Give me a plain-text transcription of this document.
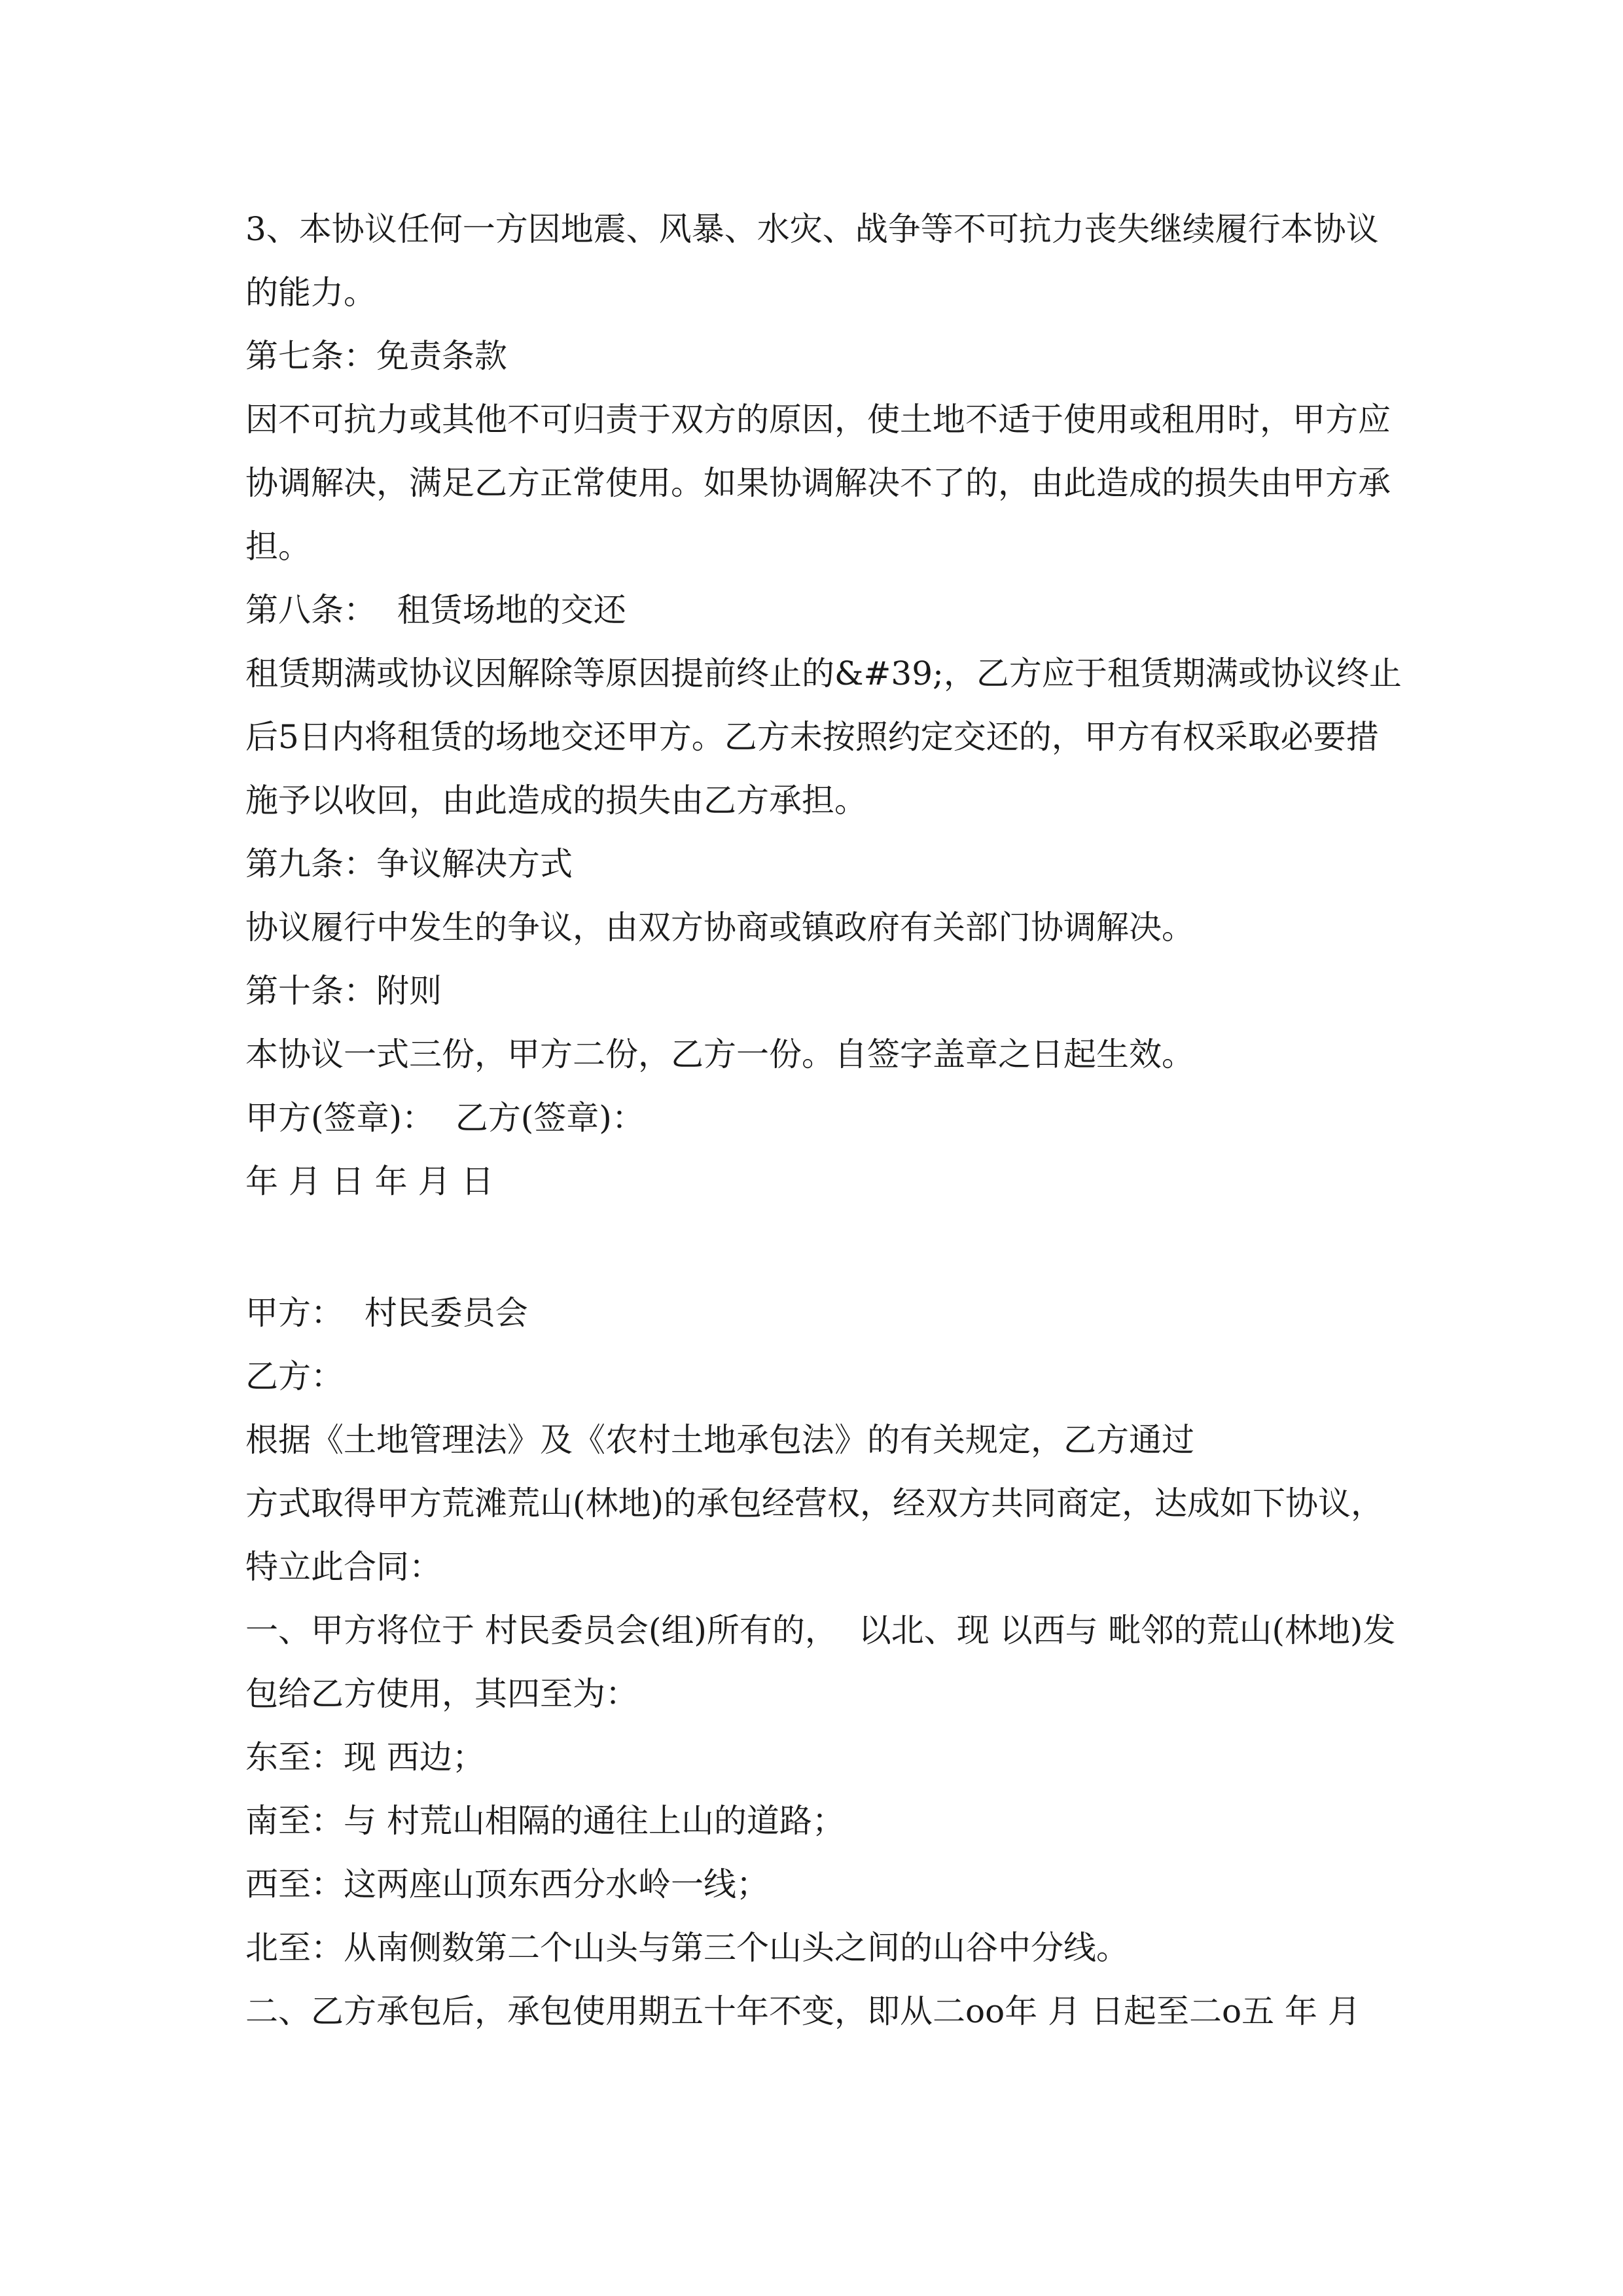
3、本协议任何一方因地震、风暴、水灾、战争等不可抗力丧失继续履行本协议
的能力。
第七条：免责条款
因不可抗力或其他不可归责于双方的原因，使土地不适于使用或租用时，甲方应
协调解决，满足乙方正常使用。如果协调解决不了的，由此造成的损失由甲方承
担。
第八条：  租赁场地的交还
租赁期满或协议因解除等原因提前终止的&#39;，乙方应于租赁期满或协议终止
后5日内将租赁的场地交还甲方。乙方未按照约定交还的，甲方有权采取必要措
施予以收回，由此造成的损失由乙方承担。
第九条：争议解决方式
协议履行中发生的争议，由双方协商或镇政府有关部门协调解决。
第十条：附则
本协议一式三份，甲方二份，乙方一份。自签字盖章之日起生效。
甲方(签章)：  乙方(签章)：
年 月 日 年 月 日
甲方：  村民委员会
乙方：
根据《土地管理法》及《农村土地承包法》的有关规定，乙方通过
方式取得甲方荒滩荒山(林地)的承包经营权，经双方共同商定，达成如下协议，
特立此合同：
一、甲方将位于 村民委员会(组)所有的，  以北、现 以西与 毗邻的荒山(林地)发
包给乙方使用，其四至为：
东至：现 西边；
南至：与 村荒山相隔的通往上山的道路；
西至：这两座山顶东西分水岭一线；
北至：从南侧数第二个山头与第三个山头之间的山谷中分线。
二、乙方承包后，承包使用期五十年不变，即从二oo年 月 日起至二o五 年 月
